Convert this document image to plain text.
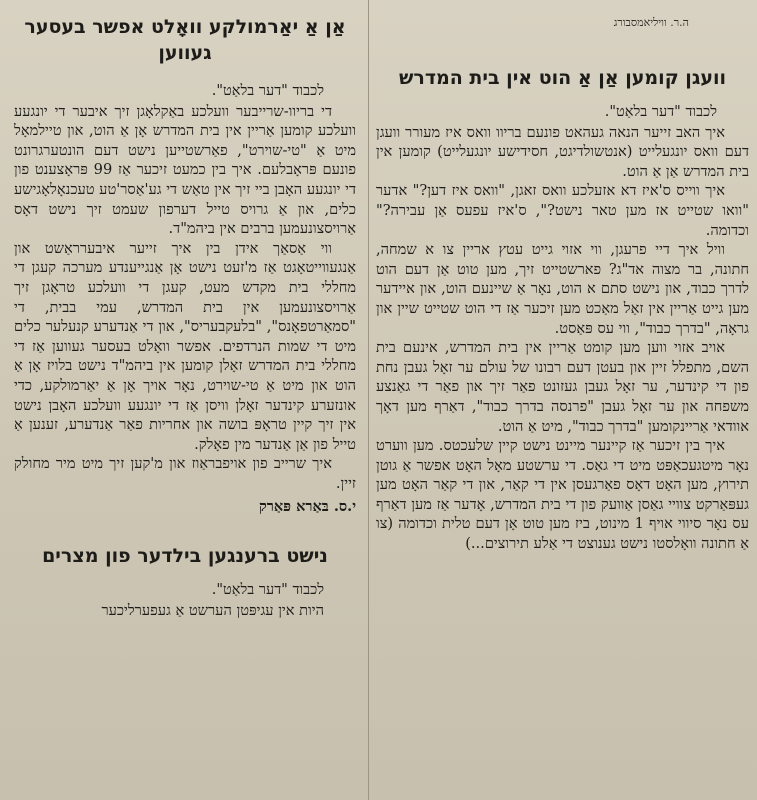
ה.ר. וויליאמסבורג
וועגן קומען אַן אַ הוט אין בית המדרש

לכבוד "דער בלאַט".

איך האב זייער הנאה געהאט פונעם בריוו וואס איז מעורר וועגן דעם וואס יונגעלייט (אנטשולדיגט, חסידישע יונגעלייט) קומען אין בית המדרש אַן אַ הוט.

איך ווייס ס'איז דא אזעלכע וואס זאגן, "וואס איז דען?" אדער "וואו שטייט אז מען טאר נישט?", ס'איז עפעס אַן עבירה?" וכדומה.

וויל איך דיי פרעגן, ווי אזוי גייט עטץ אריין צו א שמחה, חתונה, בר מצוה אד"ג? פארשטייט זיך, מען טוט אַן דעם הוט לדרך כבוד, און נישט סתם א הוט, נאָר אַ שיינעם הוט, און איידער מען גייט אַריין אין זאַל מאַכט מען זיכער אַז די הוט שטייט שיין און גראָה, "בדרך כבוד", ווי עס פּאַסט.

אויב אזוי ווען מען קומט אַריין אין בית המדרש, אינעם בית השם, מתפלל זיין און בעטן דעם רבונו של עולם ער זאָל געבן נחת פון די קינדער, ער זאָל געבן געזונט פאַר זיך און פאַר די גאַנצע משפחה און ער זאָל געבן "פרנסה בדרך כבוד", דאַרף מען דאָך אוודאי אַריינקומען "בדרך כבוד", מיט אַ הוט.

איך בין זיכער אַז קיינער מיינט נישט קיין שלעכטס. מען ווערט נאָר מיטגעכאַפּט מיט די גאַס. די ערשטע מאָל האָט אפשר אַ גוטן תירוץ, מען האָט דאָס פאַרגעסן אין די קאַר, און די קאַר האָט מען געפּאַרקט צוויי גאַסן אַוועק פון די בית המדרש, אָדער אַז מען דאַרף עס נאָר סיווי אויף 1 מינוט, ביז מען טוט אָן דעם טלית וכדומה (צו אַ חתונה וואָלסטו נישט גענוצט די אַלע תירוצים...)

אַן אַ יאַרמולקע וואָלט אפשר בעסער געווען

לכבוד "דער בלאַט".

די בריוו-שרייבער וועלכע באַקלאָגן זיך איבער די יונגעע וועלכע קומען אַריין אין בית המדרש אָן אַ הוט, און טיילמאָל מיט אַ "טי-שוירט", פאַרשטייען נישט דעם הונטערגרונט פונעם פּראָבלעם. איך בין כמעט זיכער אַז 99 פּראָצענט פון די יונגעע האָבן ביי זיך אין טאַש די גע'אַסר'טע טעכנאָלאָגישע כלים, און אַ גרויס טייל דערפון שעמט זיך נישט דאָס אַרויסצונעמען ברבים אין ביהמ"ד.

ווי אַסאַך אידן בין איך זייער איבערראַשט און אַנגעווייטאָגט אַז מ'זעט נישט אָן אַנגייענדע מערכה קעגן די מחללי בית מקדש מעט, קעגן די וועלכע טראָגן זיך אַרויסצונעמען אין בית המדרש, עמי בבית, די "סמאַרטפאָנס", "בלעקבעריס", און די אַנדערע קנעלער כלים מיט די שמות הנרדפים. אפשר וואָלט בעסער געווען אַז די מחללי בית המדרש זאָלן קומען אין ביהמ"ד נישט בלויז אָן אַ הוט און מיט אַ טי-שוירט, נאָר אויך אָן אַ יאַרמולקע, כדי אונזערע קינדער זאָלן וויסן אַז די יונגעע וועלכע האָבן נישט אין זיך קיין טראָפּ בושה און אחריות פאַר אַנדערע, זענען אַ טייל פון אַן אַנדער מין פאָלק.

איך שרייב פון אויפבראַוז און מ'קען זיך מיט מיר מחולק זיין.

י.ס. בּאַרא פּאַרק

נישט ברענגען בילדער פון מצרים

לכבוד "דער בלאַט".

היות אין עגיפּטן הערשט אַ געפערליכער
